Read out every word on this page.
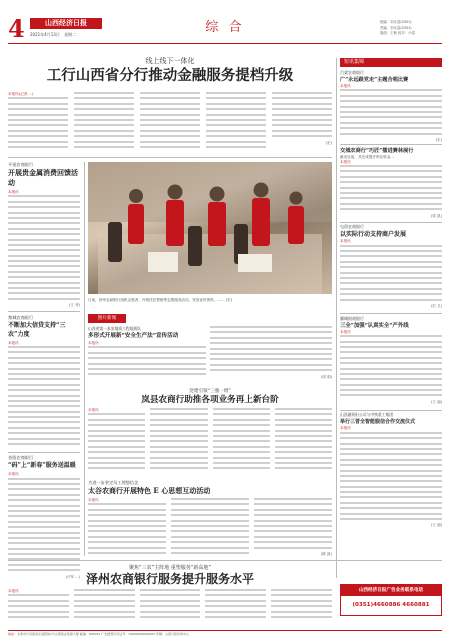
4	山西经济日报
2021年4月13日 星期二	综 合	统编：刘永富(0351)
责编：刘永富(0351)
版面：王敏 校对：小春
线上线下一体化
工行山西省分行推动金融服务提档升级
本报讯(记者 ...)
(宏)
平遥农商银行
开展贵金属消费回馈活动
本报讯
(王 菲)
黎城农商银行
不断加大信贷支持“三农”力度
本报讯
昔阳农商银行
“码”上“新春”服务送温暖
本报讯
(卢军 ...)
日前，泽州农商银行组织志愿者、开展扶贫帮困等志愿服务活动，发放宣传资料，…… (宏)
图片新闻
山西省第一本安地质工程地质队
多形式开展新“安全生产法”宣传活动
本报讯
(周 明)
党建引领“三强一增”
岚县农商行助推各项业务再上新台阶
本报讯
为进一步坚定员工理想信念
太谷农商行开展特色 E 心思想互动活动
本报讯
(陈 凯)
聚焦“三农”主阵地 重塑服务“新高地”
泽州农商银行服务提升服务水平
本报讯
短讯集锦
吕梁农商银行
广“永远跟党走”主题合唱比赛
本报讯
(宏)
交城农商行“巧匠”擂进赛林展行
截至目前，共完成提开库存资金...
本报讯
(梁 凯)
屯留农商银行
以实际行动支持商户发展
本报讯
(宏 卫)
翼城银商银行
三全“加强”认真实全“产外线
本报讯
(王 丽)
山西融资担公司与中铁重工集团
举行三晋全智能服信合作交流仪式
本报讯
(王 丽)
山西经济日报广告业务联系电话
(0351)4660886 4660881
地址：太原市长风商务区洛阳街1号山西报业集团大厦 邮编：030031 广告经营许可证号：14000000000002 印刷：山西日报印务中心
